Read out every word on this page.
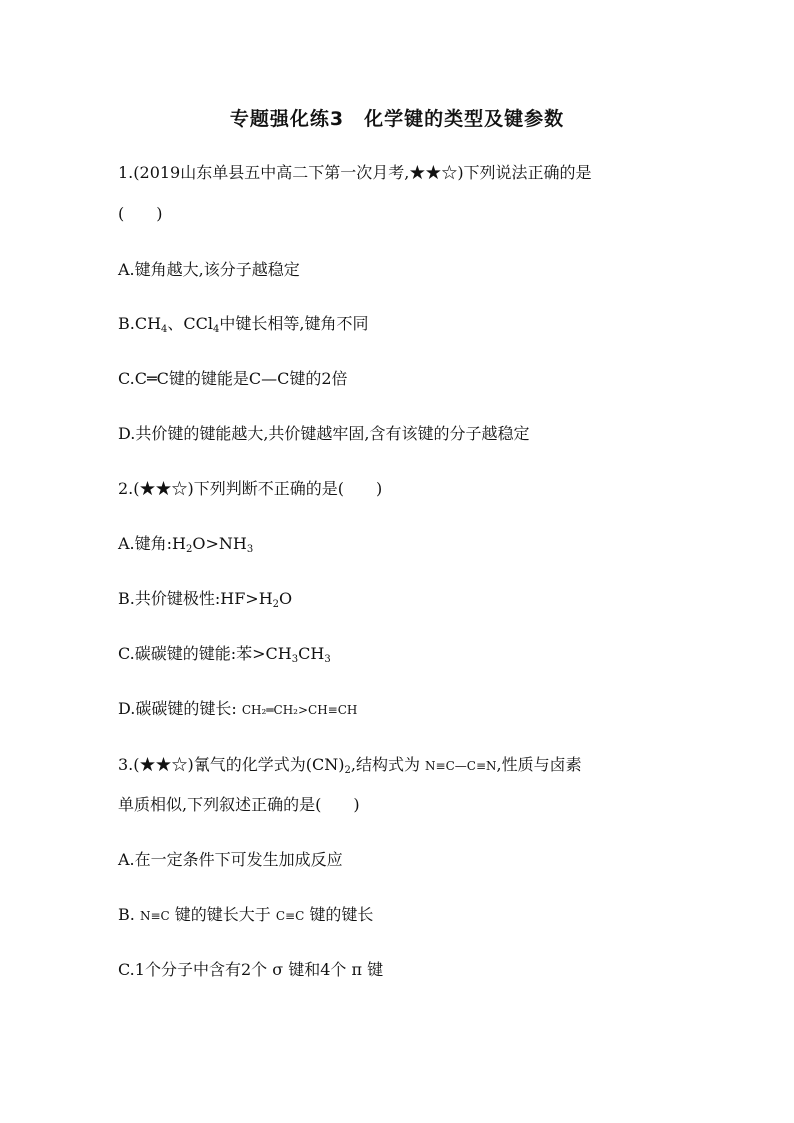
专题强化练3　化学键的类型及键参数
1.(2019山东单县五中高二下第一次月考,★★☆)下列说法正确的是
(　　)
A.键角越大,该分子越稳定
$B.CH_4$、CCl$_4$中键长相等,键角不同
C.C═C键的键能是C—C键的2倍
D.共价键的键能越大,共价键越牢固,含有该键的分子越稳定
2.(★★☆)下列判断不正确的是(　　)
A.键角$:H_2O>NH_3$
B.共价键极性$:HF>H_2O$
C.碳碳键的键能:苯$>CH_3CH_3$
D.碳碳键的键长: CH₂═CH₂>CH≡CH
3.(★★☆)氰气的化学式为$(CN)_2$,结构式为 N≡C—C≡N,性质与卤素
单质相似,下列叙述正确的是(　　)
A.在一定条件下可发生加成反应
B. N≡C 键的键长大于 C≡C 键的键长
C.1个分子中含有2个 σ 键和4个 π 键
